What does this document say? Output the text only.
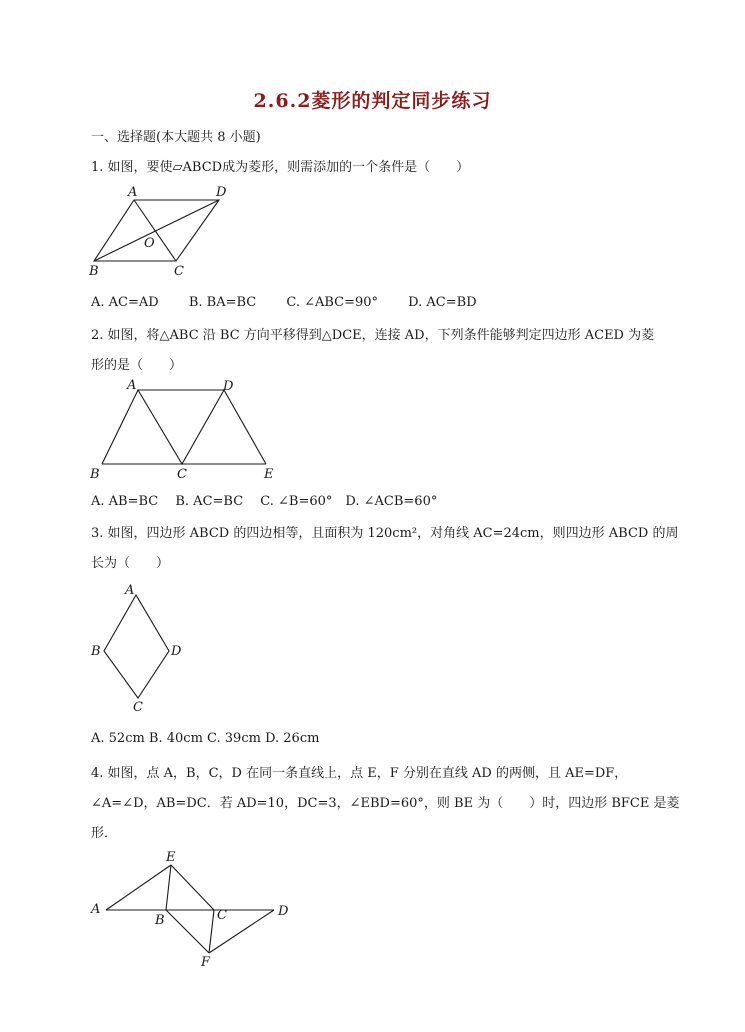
2.6.2菱形的判定同步练习
一、选择题(本大题共 8 小题)
1. 如图，要使▱ABCD成为菱形，则需添加的一个条件是（　　）
A	D
O
B	C
A. AC=AD　　 B. BA=BC　　 C. ∠ABC=90°　　 D. AC=BD
2. 如图，将△ABC 沿 BC 方向平移得到△DCE，连接 AD，下列条件能够判定四边形 ACED 为菱
形的是（　　）
A	D
B	C	E
A. AB=BC　 B. AC=BC　 C. ∠B=60°　D. ∠ACB=60°
3. 如图，四边形 ABCD 的四边相等，且面积为 120cm²，对角线 AC=24cm，则四边形 ABCD 的周
长为（　　）
A
B	D
C
A. 52cm B. 40cm C. 39cm D. 26cm
4. 如图，点 A，B，C，D 在同一条直线上，点 E，F 分别在直线 AD 的两侧，且 AE=DF，
∠A=∠D，AB=DC．若 AD=10，DC=3，∠EBD=60°，则 BE 为（　　）时，四边形 BFCE 是菱
形．
E
A
B	C	D
F
